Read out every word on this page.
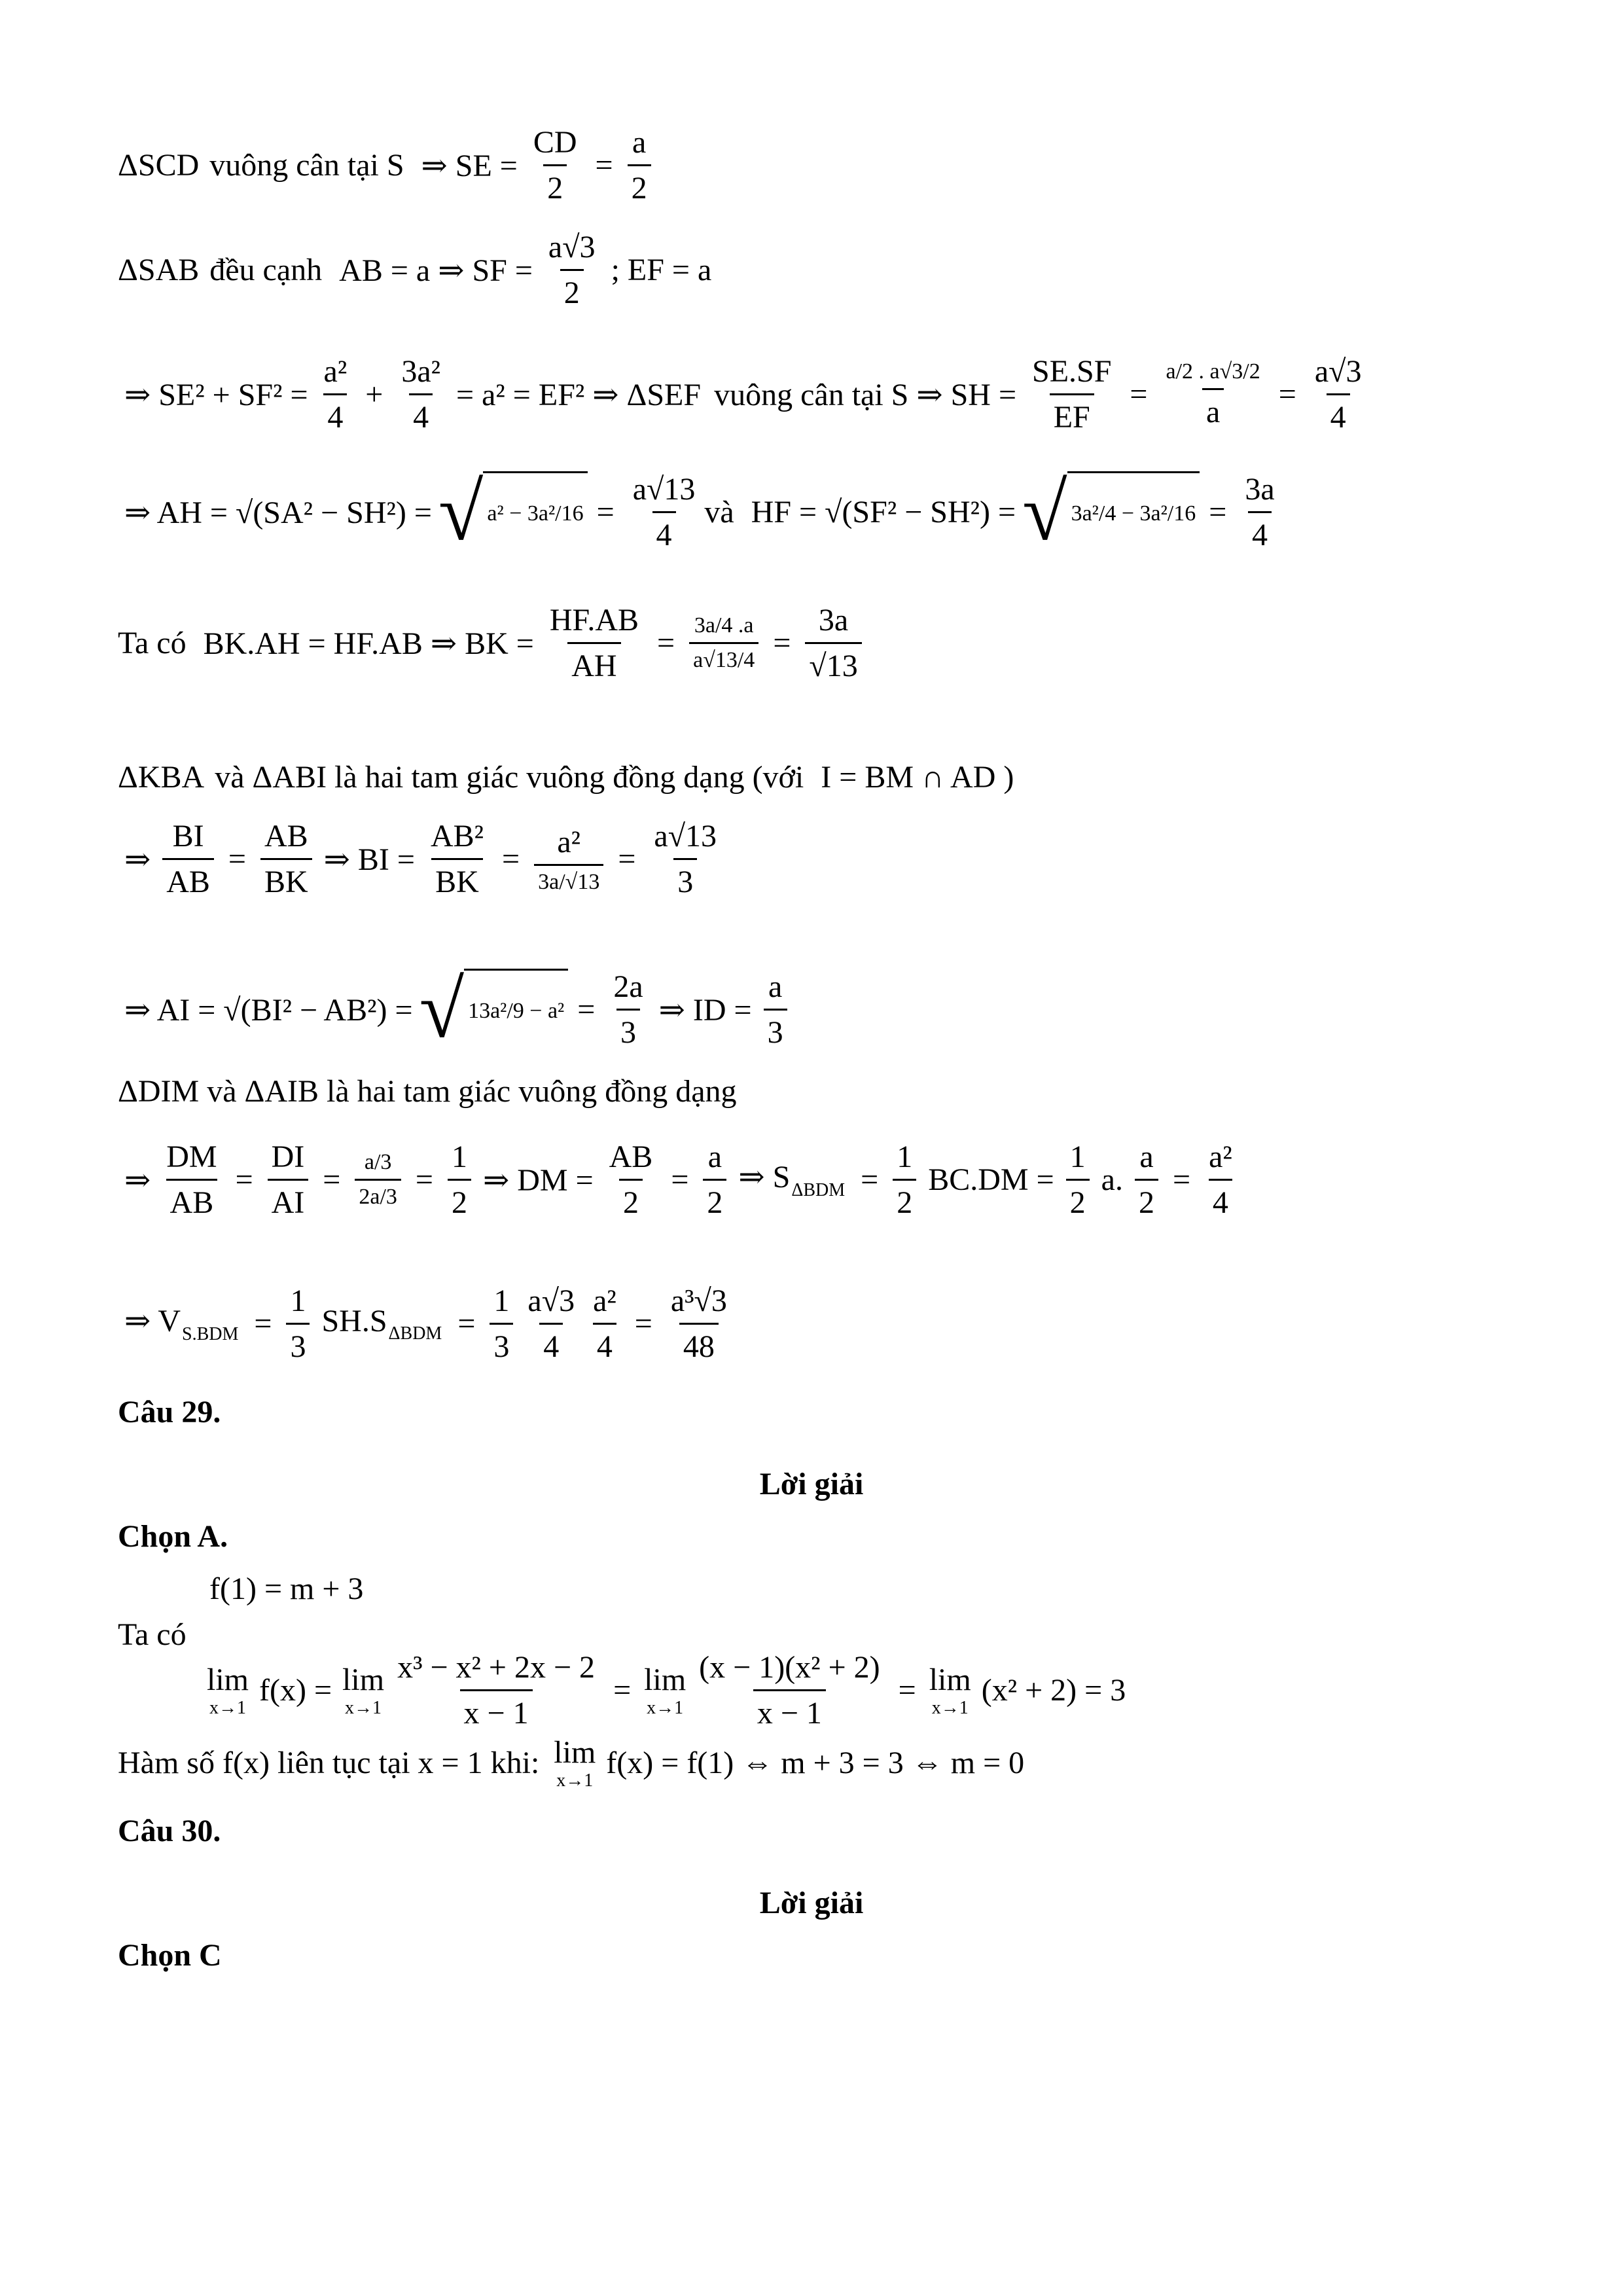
ΔSCD vuông cân tại S ⇒ SE = $\frac{CD}{2} = \frac{a}{2}$
ΔSAB đều cạnh AB = a ⇒ SF = $\frac{a√3}{2}$ ; EF = a
⇒ $SE^2 + SF^2 = \frac{\text{a²}}{4} + \frac{\text{3a²}}{4} = a^2 = EF^2$ ⇒ ΔSEF vuông cân tại S ⇒ SH = $\frac{SE.SF}{EF} = \frac{a/2 . a√3/2}{a} = \frac{a√3}{4}$
⇒ AH = √(SA² − SH²) = √ $a^2 - 3a^2/16 = \frac{a√13}{4}$ và HF = √(SF² − SH²) = √ $3a^2/4 - 3a^2/16 = \frac{3a}{4}$
Ta có BK.AH = HF.AB ⇒ BK = $\frac{HF.AB}{AH} = \frac{3a/4 .a}{a√13/4} = \frac{3a}{√13}$
ΔKBA và ΔABI là hai tam giác vuông đồng dạng (với I = BM ∩ AD )
⇒ $\frac{BI}{AB} = \frac{AB}{BK}$ ⇒ BI = $\frac{\text{AB²}}{BK} = \frac{\text{a²}}{3a/√13} = \frac{a√13}{3}$
⇒ AI = √(BI² − AB²) = √ $13a^2/9 - a^2 = \frac{2a}{3}$ ⇒ ID = $\frac{a}{3}$
ΔDIM và ΔAIB là hai tam giác vuông đồng dạng
⇒ $\frac{DM}{AB} = \frac{DI}{AI} = \frac{a/3}{2a/3} = \frac{1}{2}$ ⇒ DM = $\frac{AB}{2} = \frac{a}{2}$ ⇒ $S_{\Delta BDM} = \frac{1}{2} BC.DM = \frac{1}{2} a$. $\frac{a}{2} = \frac{\text{a²}}{4}$
⇒ $V_{S.BDM} = \frac{1}{3} SH.S_{\Delta BDM} = \frac{1}{3} \frac{a√3}{4} \frac{\text{a²}}{4} = \frac{\text{a³√3}}{48}$
Câu 29.
Lời giải
Chọn A.
f(1) = m + 3
Ta có
lim
x→1
f(x) = lim
$x\to 1 \frac{\text{x³ − x² + 2x − 2}}{x - 1} = \lim$
$x\to 1 \frac{\text{(x − 1)(x² + 2)}}{x - 1} = \lim$
x→1
(x² + 2) = 3
Hàm số f(x) liên tục tại x = 1 khi: lim
x→1
f(x) = f(1) ⇔ m + 3 = 3 ⇔ m = 0
Câu 30.
Lời giải
Chọn C
